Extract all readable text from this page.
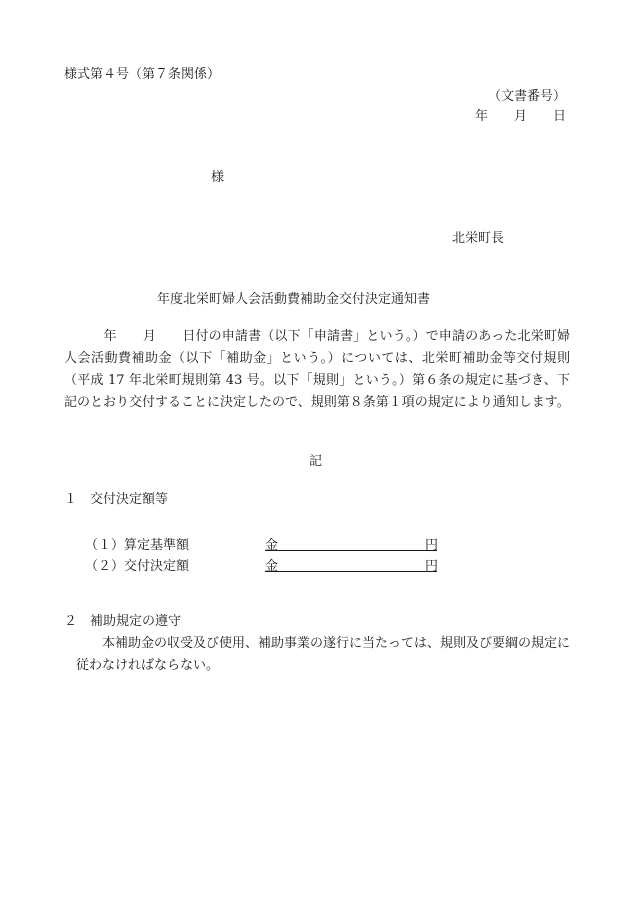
様式第４号（第７条関係）
（文書番号）
年　　月　　日
様
北栄町長
年度北栄町婦人会活動費補助金交付決定通知書

　　　年　　月　　日付の申請書（以下「申請書」という。）で申請のあった北栄町婦人会活動費補助金（以下「補助金」という。）については、北栄町補助金等交付規則（平成 17 年北栄町規則第 43 号。以下「規則」という。）第６条の規定に基づき、下記のとおり交付することに決定したので、規則第８条第１項の規定により通知します。

記
１　交付決定額等
（１）算定基準額	金	円
（２）交付決定額	金	円

２　補助規定の遵守

本補助金の収受及び使用、補助事業の遂行に当たっては、規則及び要綱の規定に従わなければならない。
